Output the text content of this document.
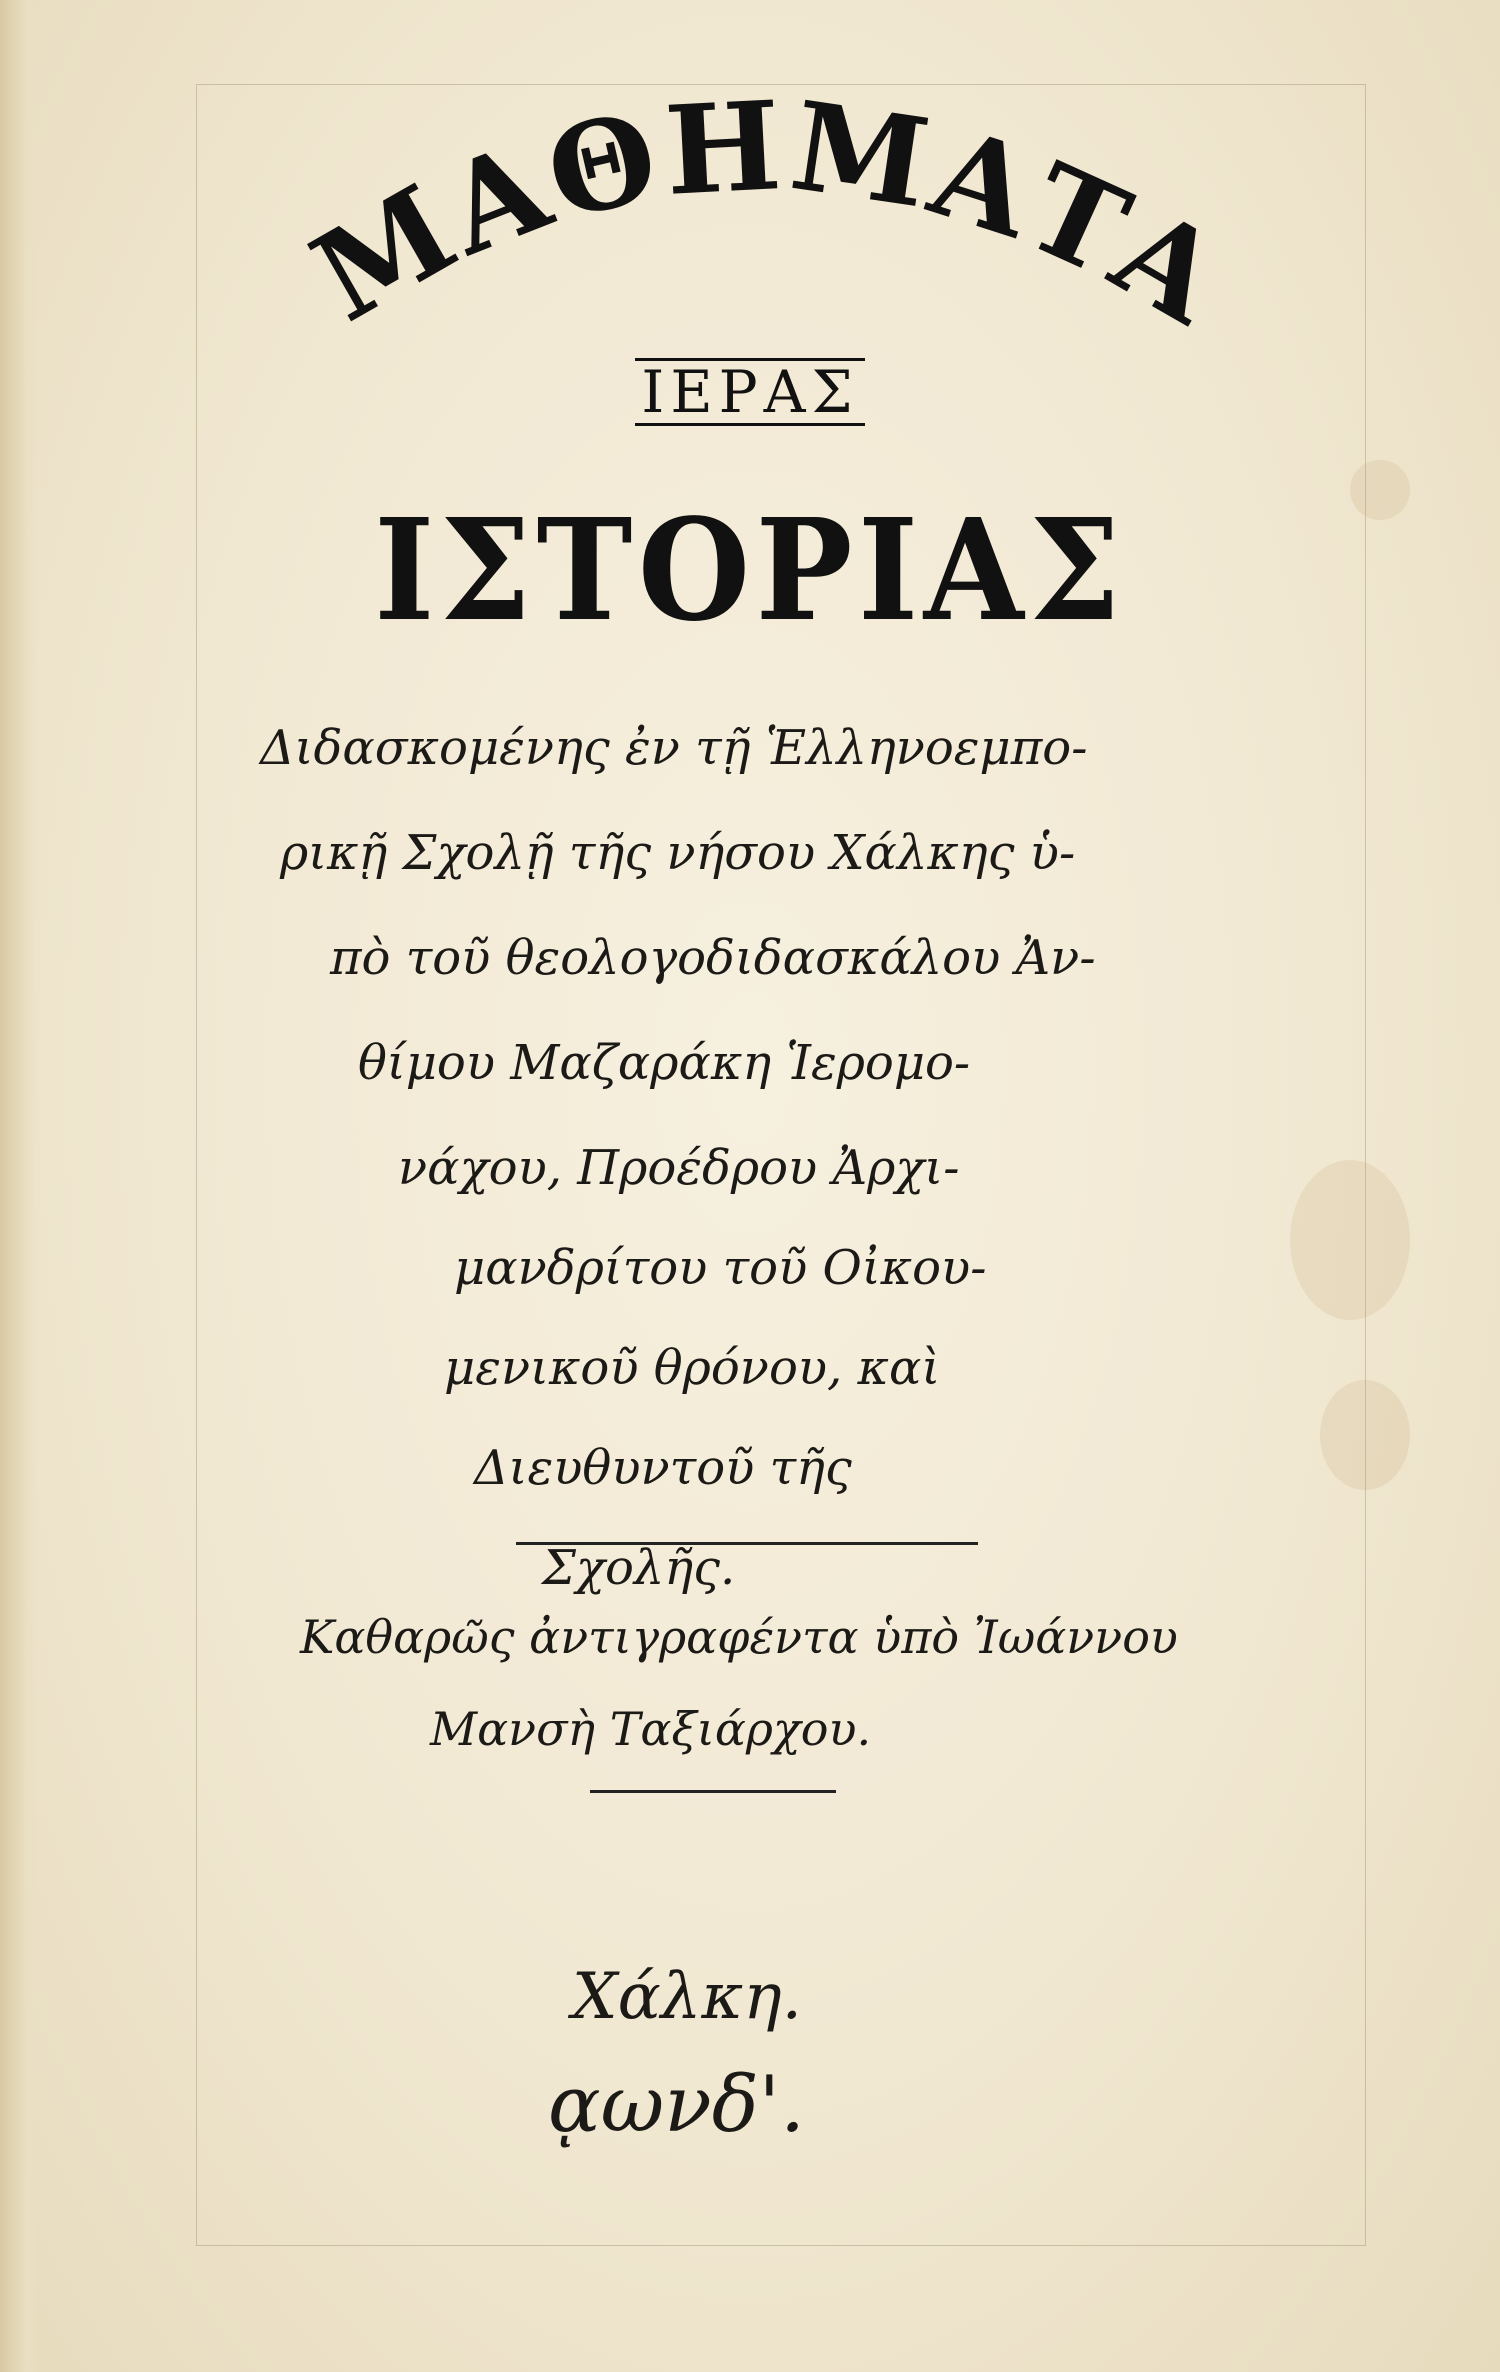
ΜΑΘΗΜΑΤΑ
ΙΕΡΑΣ
ΙΣΤΟΡΙΑΣ
Διδασκομένης ἐν τῇ Ἑλληνοεμπο-
ρικῇ Σχολῇ τῆς νήσου Χάλκης ὑ-
πὸ τοῦ θεολογοδιδασκάλου Ἀν-
θίμου Μαζαράκη Ἱερομο-
νάχου, Προέδρου Ἀρχι-
μανδρίτου τοῦ Οἰκου-
μενικοῦ θρόνου, καὶ
Διευθυντοῦ τῆς
Σχολῆς.
Καθαρῶς ἀντιγραφέντα ὑπὸ Ἰωάννου
Μανσὴ Ταξιάρχου.
Χάλκη.
ᾳωνδ'.
